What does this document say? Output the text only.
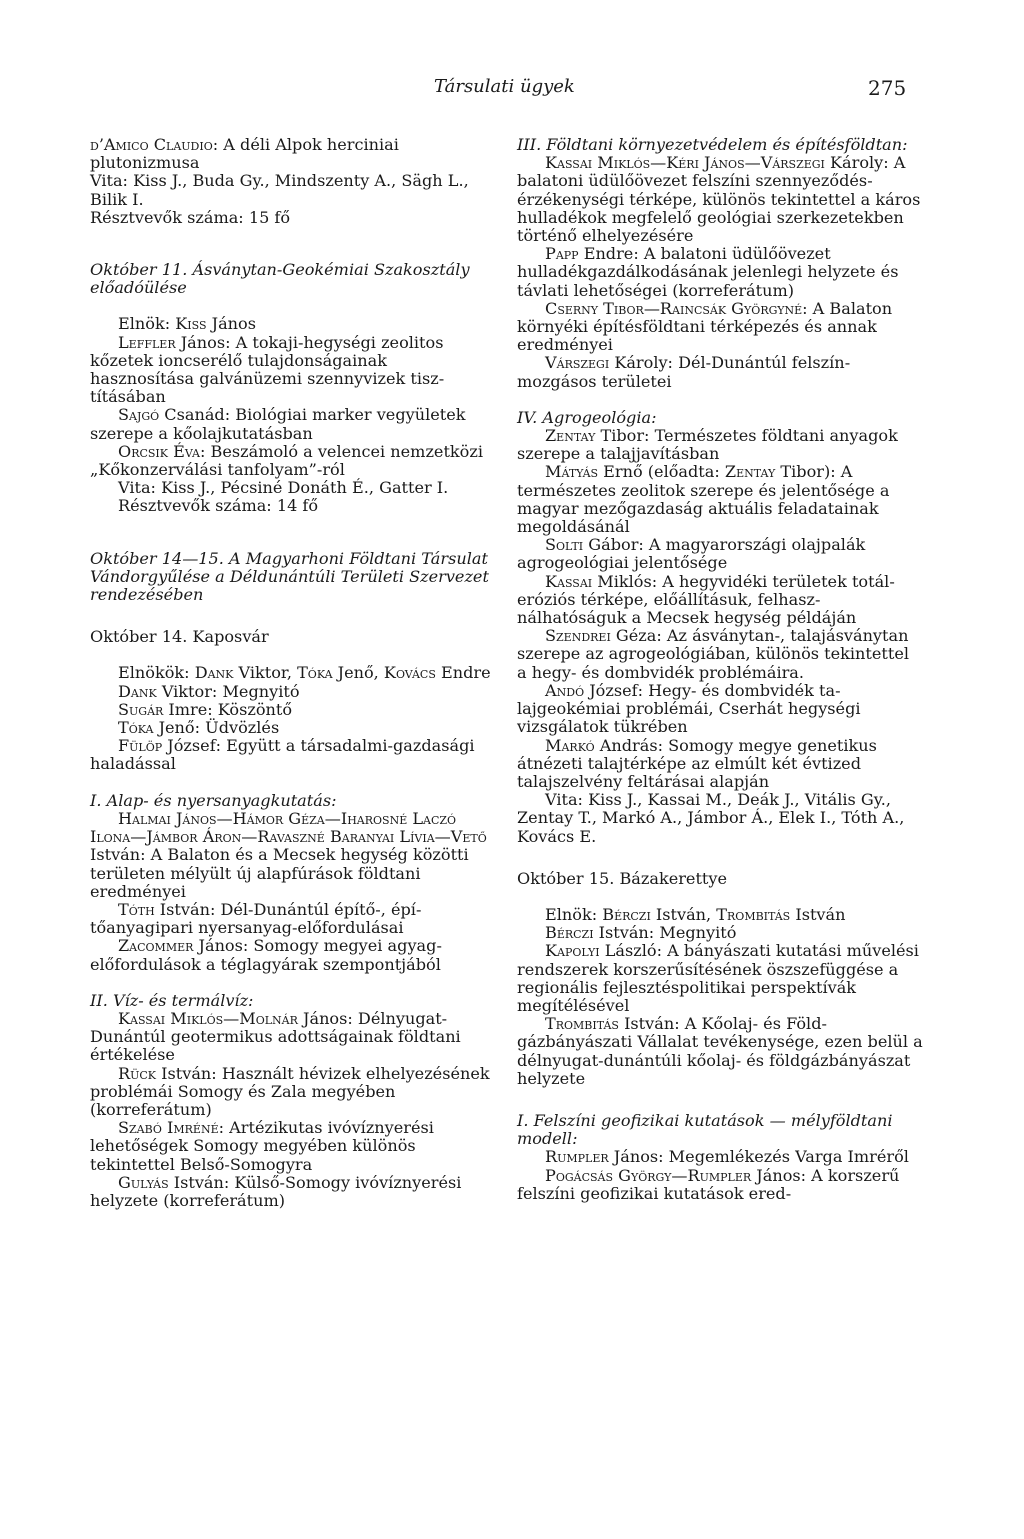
Társulati ügyek	275

d’Amico Claudio: A déli Alpok herciniai plutonizmusa

Vita: Kiss J., Buda Gy., Mindszenty A., Sägh L., Bilik I.

Résztvevők száma: 15 fő

Október 11. Ásványtan-Geokémiai Szakosztály előadóülése

Elnök: Kiss János

Leffler János: A tokaji-hegységi zeolitos kőzetek ioncserélő tulajdonságainak hasznosítása galvánüzemi szennyvizek tisztításában

Sajgó Csanád: Biológiai marker vegyületek szerepe a kőolajkutatásban

Orcsik Éva: Beszámoló a velencei nemzetközi „Kőkonzerválási tanfolyam”-ról

Vita: Kiss J., Pécsiné Donáth É., Gatter I.

Résztvevők száma: 14 fő

Október 14—15. A Magyarhoni Földtani Társulat Vándorgyűlése a Déldunántúli Területi Szervezet rendezésében

Október 14. Kaposvár

Elnökök: Dank Viktor, Tóka Jenő, Kovács Endre

Dank Viktor: Megnyitó

Sugár Imre: Köszöntő

Tóka Jenő: Üdvözlés

Fülöp József: Együtt a társadalmi-gazdasági haladással

I. Alap- és nyersanyagkutatás:

Halmai János—Hámor Géza—Iharosné Laczó Ilona—Jámbor Áron—Ravaszné Baranyai Lívia—Vető István: A Balaton és a Mecsek hegység közötti területen mélyült új alapfúrások földtani eredményei

Tóth István: Dél-Dunántúl építő-, építőanyagipari nyersanyag-előfordulásai

Zacommer János: Somogy megyei agyagelőfordulások a téglagyárak szempontjából

II. Víz- és termálvíz:

Kassai Miklós—Molnár János: Délnyugat-Dunántúl geotermikus adottságainak földtani értékelése

Rück István: Használt hévizek elhelyezésének problémái Somogy és Zala megyében (korreferátum)

Szabó Imréné: Artézikutas ivóvíznyerési lehetőségek Somogy megyében különös tekintettel Belső-Somogyra

Gulyás István: Külső-Somogy ivóvíznyerési helyzete (korreferátum)

III. Földtani környezetvédelem és építésföldtan:

Kassai Miklós—Kéri János—Várszegi Károly: A balatoni üdülőövezet felszíni szennyeződés-érzékenységi térképe, különös tekintettel a káros hulladékok megfelelő geológiai szerkezetekben történő elhelyezésére

Papp Endre: A balatoni üdülőövezet hulladékgazdálkodásának jelenlegi helyzete és távlati lehetőségei (korreferátum)

Cserny Tibor—Raincsák Györgyné: A Balaton környéki építésföldtani térképezés és annak eredményei

Várszegi Károly: Dél-Dunántúl felszínmozgásos területei

IV. Agrogeológia:

Zentay Tibor: Természetes földtani anyagok szerepe a talajjavításban

Mátyás Ernő (előadta: Zentay Tibor): A természetes zeolitok szerepe és jelentősége a magyar mezőgazdaság aktuális feladatainak megoldásánál

Solti Gábor: A magyarországi olajpalák agrogeológiai jelentősége

Kassai Miklós: A hegyvidéki területek totál-eróziós térképe, előállításuk, felhasználhatóságuk a Mecsek hegység példáján

Szendrei Géza: Az ásványtan-, talajásványtan szerepe az agrogeológiában, különös tekintettel a hegy- és dombvidék problémáira.

Andó József: Hegy- és dombvidék talajgeokémiai problémái, Cserhát hegységi vizsgálatok tükrében

Markó András: Somogy megye genetikus átnézeti talajtérképe az elmúlt két évtized talajszelvény feltárásai alapján

Vita: Kiss J., Kassai M., Deák J., Vitális Gy., Zentay T., Markó A., Jámbor Á., Elek I., Tóth A., Kovács E.

Október 15. Bázakerettye

Elnök: Bérczi István, Trombitás István

Bérczi István: Megnyitó

Kapolyi László: A bányászati kutatási művelési rendszerek korszerűsítésének öszszefüggése a regionális fejlesztéspolitikai perspektívák megítélésével

Trombitás István: A Kőolaj- és Földgázbányászati Vállalat tevékenysége, ezen belül a délnyugat-dunántúli kőolaj- és földgázbányászat helyzete

I. Felszíni geofizikai kutatások — mélyföldtani modell:

Rumpler János: Megemlékezés Varga Imréről

Pogácsás György—Rumpler János: A korszerű felszíni geofizikai kutatások ered-
